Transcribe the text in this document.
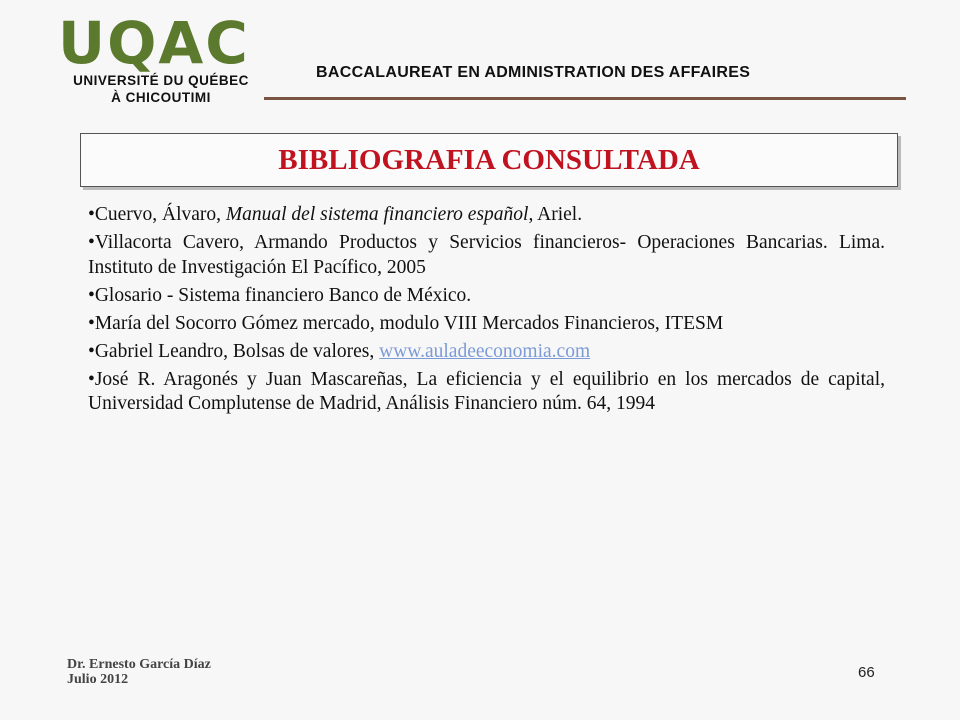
UQAC
UNIVERSITÉ DU QUÉBEC
À CHICOUTIMI
BACCALAUREAT EN ADMINISTRATION DES AFFAIRES
BIBLIOGRAFIA CONSULTADA

•Cuervo, Álvaro, Manual del sistema financiero español, Ariel.

•Villacorta Cavero, Armando Productos y Servicios financieros- Operaciones Bancarias. Lima. Instituto de Investigación El Pacífico, 2005

•Glosario - Sistema financiero Banco de México.

•María del Socorro Gómez mercado, modulo VIII Mercados Financieros, ITESM

•Gabriel Leandro, Bolsas de valores, www.auladeeconomia.com

•José R. Aragonés y Juan Mascareñas, La eficiencia y el equilibrio en los mercados de capital, Universidad Complutense de Madrid, Análisis Financiero núm. 64, 1994

Dr. Ernesto García Díaz
Julio 2012	66
